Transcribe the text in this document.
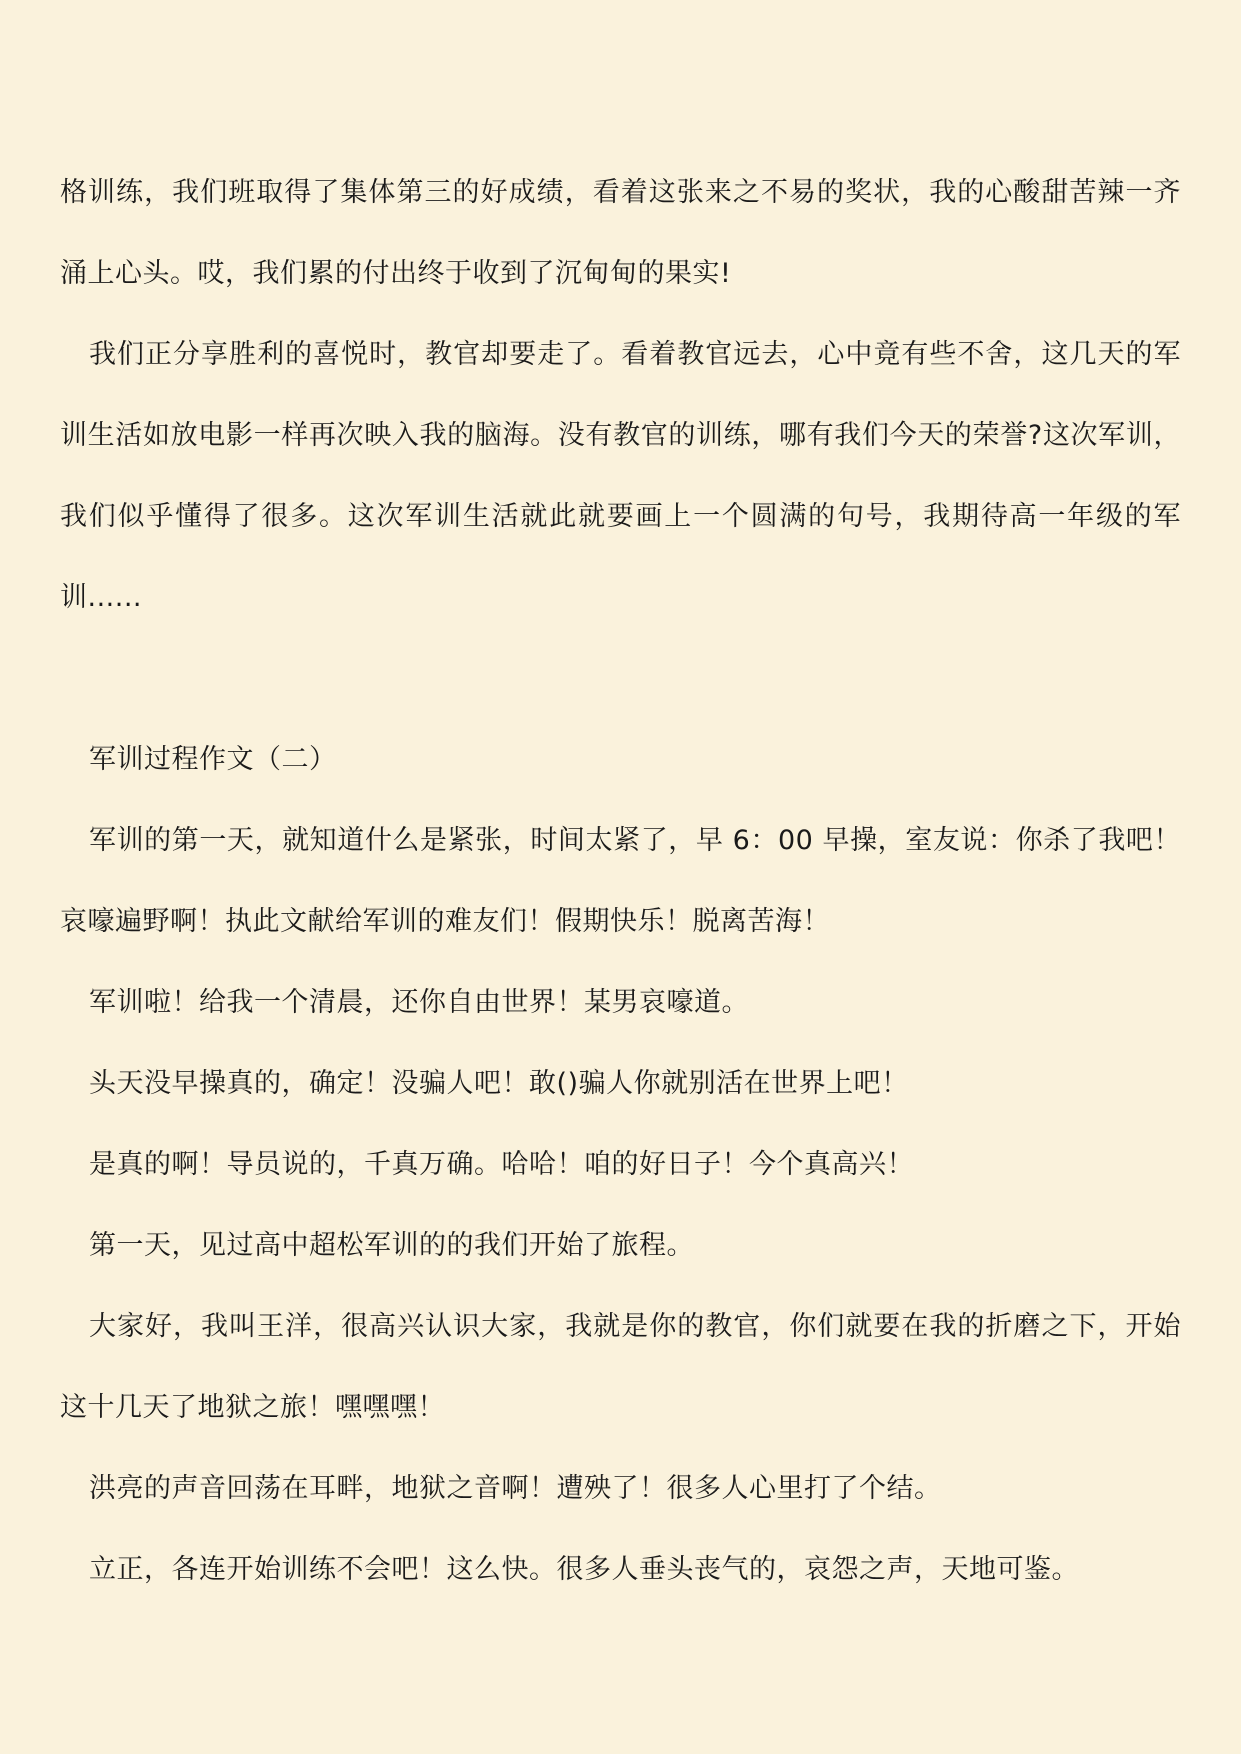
格训练，我们班取得了集体第三的好成绩，看着这张来之不易的奖状，我的心酸甜苦辣一齐涌上心头。哎，我们累的付出终于收到了沉甸甸的果实!

我们正分享胜利的喜悦时，教官却要走了。看着教官远去，心中竟有些不舍，这几天的军训生活如放电影一样再次映入我的脑海。没有教官的训练，哪有我们今天的荣誉?这次军训，我们似乎懂得了很多。这次军训生活就此就要画上一个圆满的句号，我期待高一年级的军训......

军训过程作文（二）

军训的第一天，就知道什么是紧张，时间太紧了，早 6：00 早操，室友说：你杀了我吧！哀嚎遍野啊！执此文献给军训的难友们！假期快乐！脱离苦海！

军训啦！给我一个清晨，还你自由世界！某男哀嚎道。

头天没早操真的，确定！没骗人吧！敢()骗人你就别活在世界上吧！

是真的啊！导员说的，千真万确。哈哈！咱的好日子！今个真高兴！

第一天，见过高中超松军训的的我们开始了旅程。

大家好，我叫王洋，很高兴认识大家，我就是你的教官，你们就要在我的折磨之下，开始这十几天了地狱之旅！嘿嘿嘿！

洪亮的声音回荡在耳畔，地狱之音啊！遭殃了！很多人心里打了个结。

立正，各连开始训练不会吧！这么快。很多人垂头丧气的，哀怨之声，天地可鉴。
